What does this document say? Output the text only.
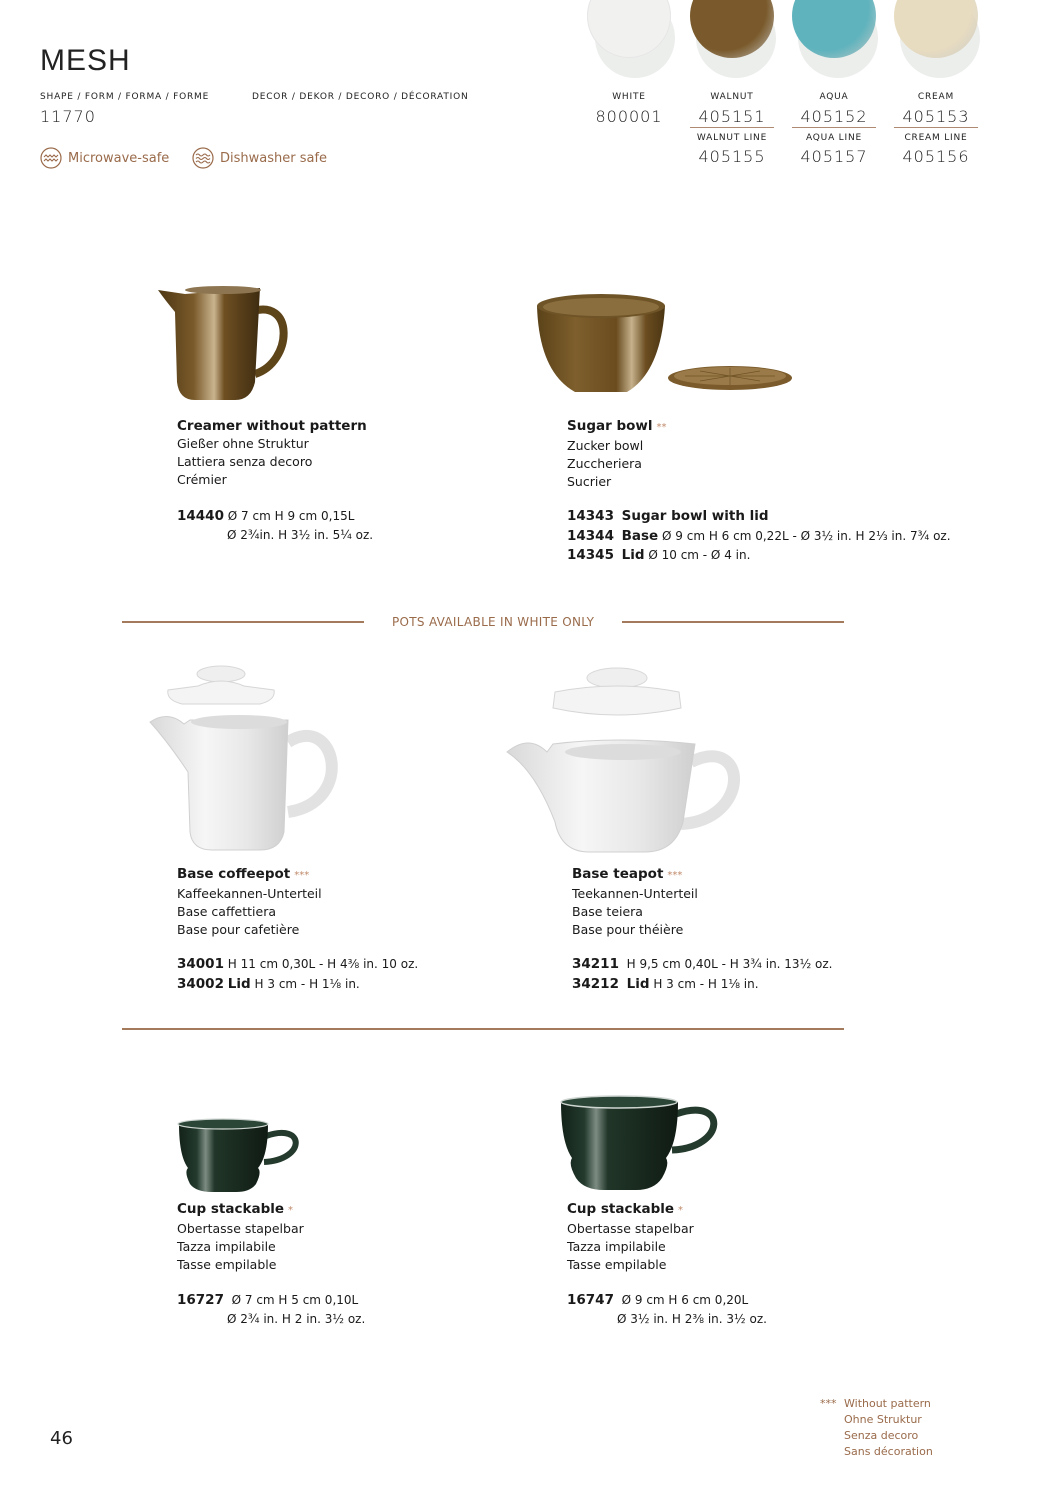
MESH
SHAPE / FORM / FORMA / FORME
11770
DECOR / DEKOR / DECORO / DÉCORATION
Microwave-safe	Dishwasher safe
WHITE
800001
WALNUT
405151
WALNUT LINE
405155
AQUA
405152
AQUA LINE
405157
CREAM
405153
CREAM LINE
405156
Creamer without pattern
Gießer ohne Struktur
Lattiera senza decoro
Crémier
14440 Ø 7 cm H 9 cm 0,15L
Ø 2¾in. H 3½ in. 5¼ oz.
Sugar bowl **
Zucker bowl
Zuccheriera
Sucrier
14343 Sugar bowl with lid
14344 Base Ø 9 cm H 6 cm 0,22L - Ø 3½ in. H 2⅓ in. 7¾ oz.
14345 Lid Ø 10 cm - Ø 4 in.
POTS AVAILABLE IN WHITE ONLY
Base coffeepot ***
Kaffeekannen-Unterteil
Base caffettiera
Base pour cafetière
34001 H 11 cm 0,30L - H 4⅜ in. 10 oz.
34002 Lid H 3 cm - H 1⅛ in.
Base teapot ***
Teekannen-Unterteil
Base teiera
Base pour théière
34211 H 9,5 cm 0,40L - H 3¾ in. 13½ oz.
34212 Lid H 3 cm - H 1⅛ in.
Cup stackable *
Obertasse stapelbar
Tazza impilabile
Tasse empilable
16727 Ø 7 cm H 5 cm 0,10L
Ø 2¾ in. H 2 in. 3½ oz.
Cup stackable *
Obertasse stapelbar
Tazza impilabile
Tasse empilable
16747 Ø 9 cm H 6 cm 0,20L
Ø 3½ in. H 2⅜ in. 3½ oz.
*** Without pattern
Ohne Struktur
Senza decoro
Sans décoration
46
